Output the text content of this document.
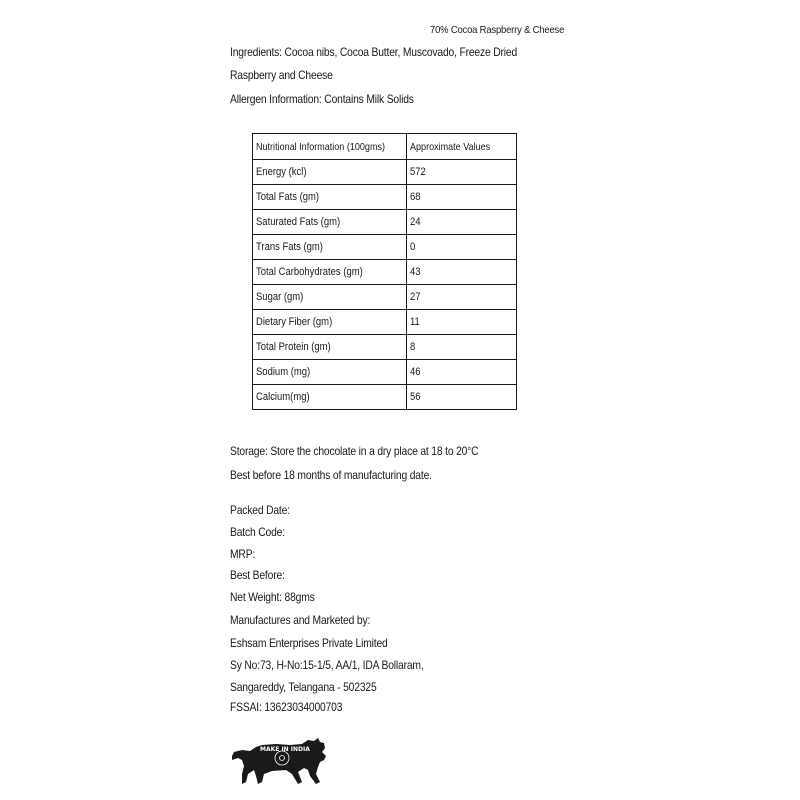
70% Cocoa Raspberry & Cheese
Ingredients: Cocoa nibs, Cocoa Butter, Muscovado, Freeze Dried
Raspberry and Cheese
Allergen Information: Contains Milk Solids
Nutritional Information (100gms)	Approximate Values
Energy (kcl)	572
Total Fats (gm)	68
Saturated Fats (gm)	24
Trans Fats (gm)	0
Total Carbohydrates (gm)	43
Sugar (gm)	27
Dietary Fiber (gm)	11
Total Protein (gm)	8
Sodium (mg)	46
Calcium(mg)	56
Storage: Store the chocolate in a dry place at 18 to 20°C
Best before 18 months of manufacturing date.
Packed Date:
Batch Code:
MRP:
Best Before:
Net Weight: 88gms
Manufactures and Marketed by:
Eshsam Enterprises Private Limited
Sy No:73, H-No:15-1/5, AA/1, IDA Bollaram,
Sangareddy, Telangana - 502325
FSSAI: 13623034000703
MAKE IN INDIA
